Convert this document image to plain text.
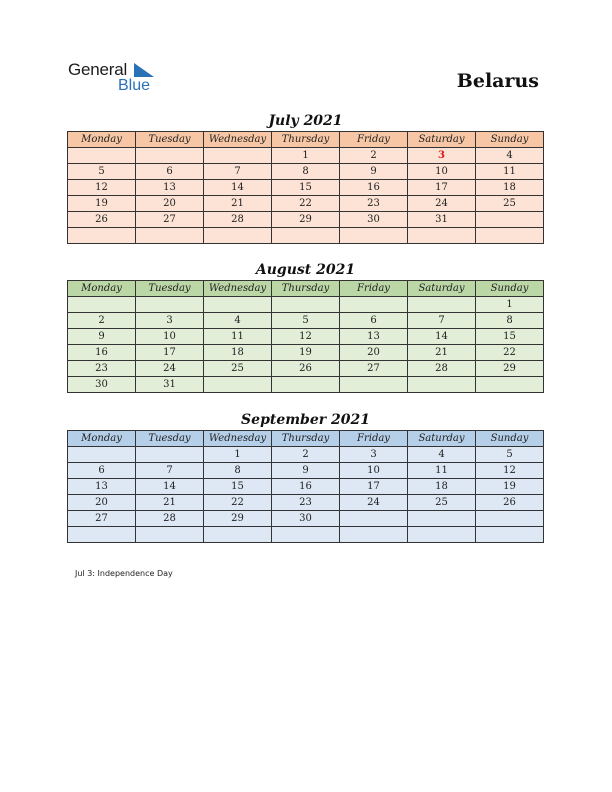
General
Blue	Belarus
July 2021
Monday	Tuesday	Wednesday	Thursday	Friday	Saturday	Sunday
			1	2	3	4
5	6	7	8	9	10	11
12	13	14	15	16	17	18
19	20	21	22	23	24	25
26	27	28	29	30	31	

August 2021
Monday	Tuesday	Wednesday	Thursday	Friday	Saturday	Sunday
						1
2	3	4	5	6	7	8
9	10	11	12	13	14	15
16	17	18	19	20	21	22
23	24	25	26	27	28	29
30	31					
September 2021
Monday	Tuesday	Wednesday	Thursday	Friday	Saturday	Sunday
		1	2	3	4	5
6	7	8	9	10	11	12
13	14	15	16	17	18	19
20	21	22	23	24	25	26
27	28	29	30			

Jul 3: Independence Day
